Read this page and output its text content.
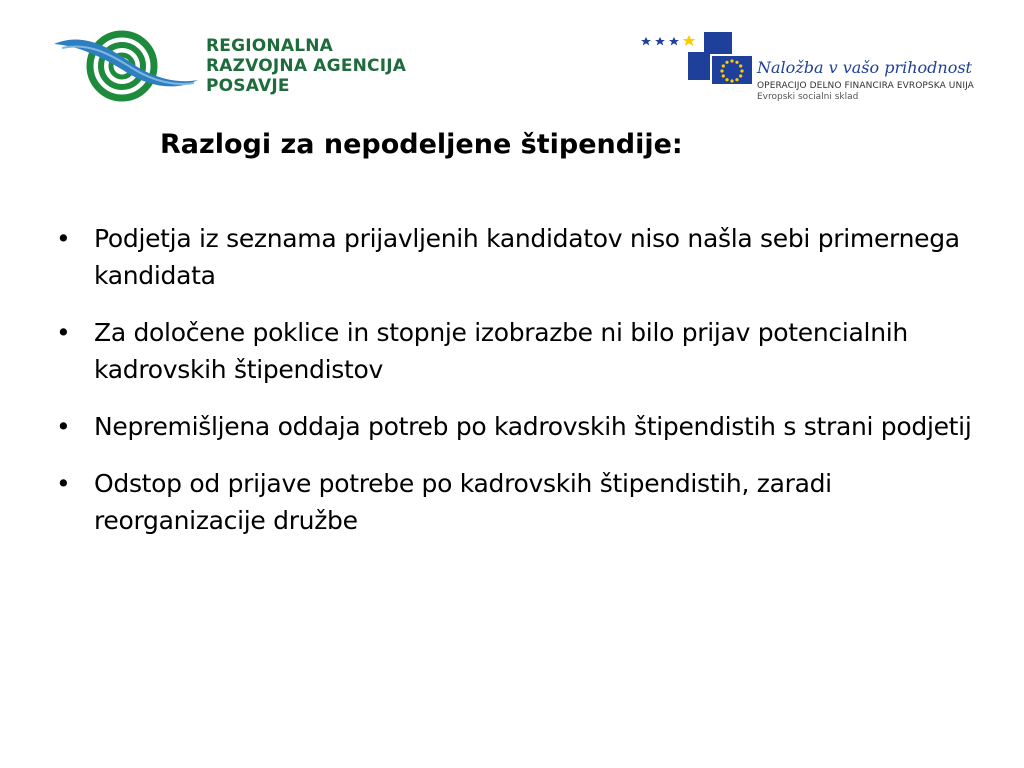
REGIONALNA
RAZVOJNA AGENCIJA
POSAVJE
Naložba v vašo prihodnost
OPERACIJO DELNO FINANCIRA EVROPSKA UNIJA
Evropski socialni sklad
Razlogi za nepodeljene štipendije:
• Podjetja iz seznama prijavljenih kandidatov niso našla sebi primernega kandidata
• Za določene poklice in stopnje izobrazbe ni bilo prijav potencialnih kadrovskih štipendistov
• Nepremišljena oddaja potreb po kadrovskih štipendistih s strani podjetij
• Odstop od prijave potrebe po kadrovskih štipendistih, zaradi reorganizacije družbe
